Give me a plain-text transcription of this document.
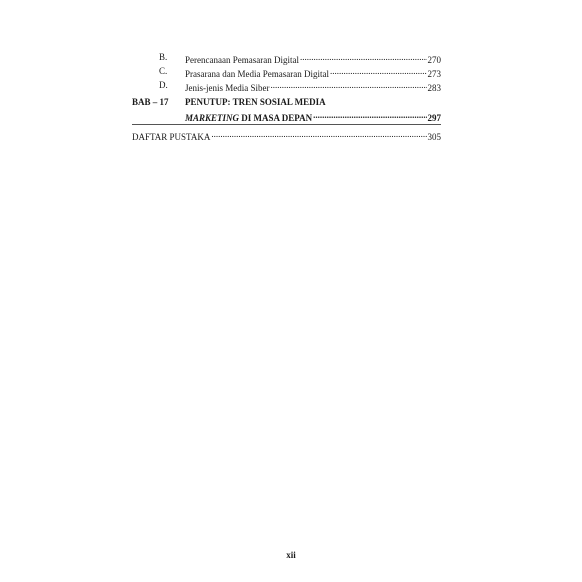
B. Perencanaan Pemasaran Digital .....	270
C. Prasarana dan Media Pemasaran Digital .....	273
D. Jenis-jenis Media Siber .....	283
BAB – 17 PENUTUP: TREN SOSIAL MEDIA
MARKETING DI MASA DEPAN .....	297
DAFTAR PUSTAKA .....	305
xii
